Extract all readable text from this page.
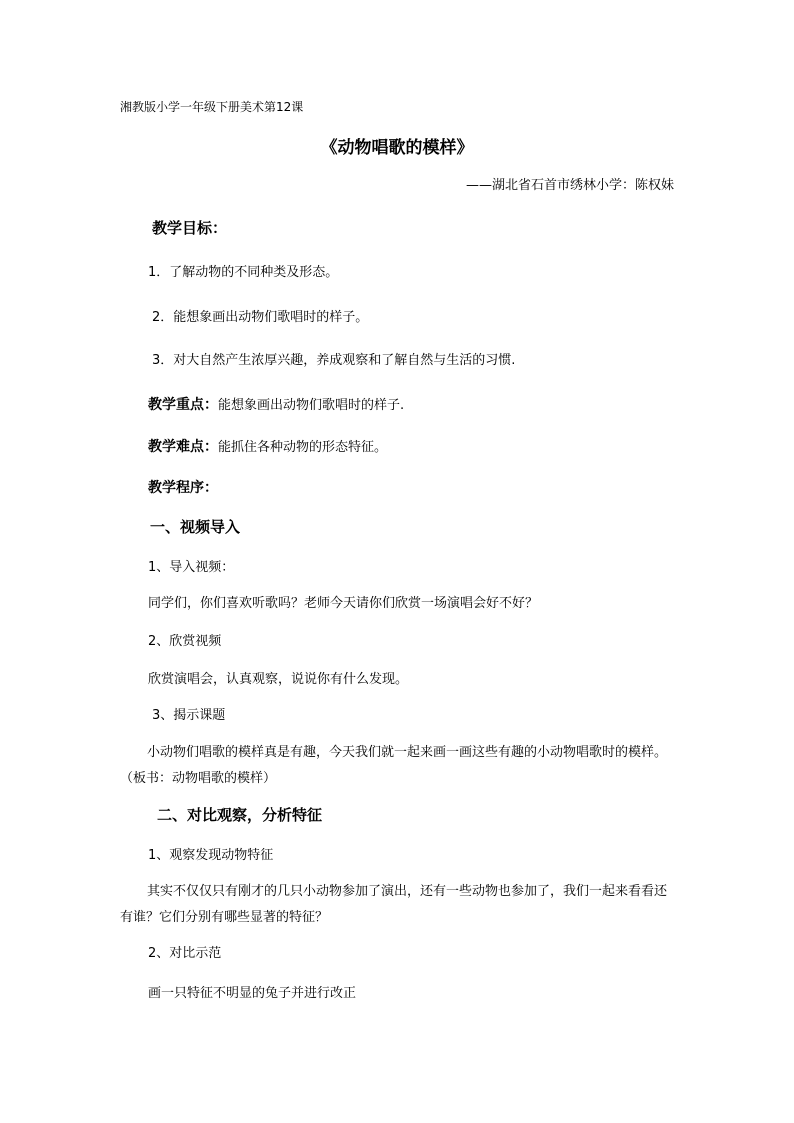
湘教版小学一年级下册美术第12课
《动物唱歌的模样》
——湖北省石首市绣林小学：陈权妹
教学目标：
1．了解动物的不同种类及形态。
2．能想象画出动物们歌唱时的样子。
3．对大自然产生浓厚兴趣，养成观察和了解自然与生活的习惯.
教学重点：能想象画出动物们歌唱时的样子.
教学难点：能抓住各种动物的形态特征。
教学程序：
一、视频导入
1、导入视频：
同学们，你们喜欢听歌吗？老师今天请你们欣赏一场演唱会好不好？
2、欣赏视频
欣赏演唱会，认真观察，说说你有什么发现。
3、揭示课题
小动物们唱歌的模样真是有趣，今天我们就一起来画一画这些有趣的小动物唱歌时的模样。（板书：动物唱歌的模样）
二、对比观察，分析特征
1、观察发现动物特征
其实不仅仅只有刚才的几只小动物参加了演出，还有一些动物也参加了，我们一起来看看还有谁？它们分别有哪些显著的特征？
2、对比示范
画一只特征不明显的兔子并进行改正
